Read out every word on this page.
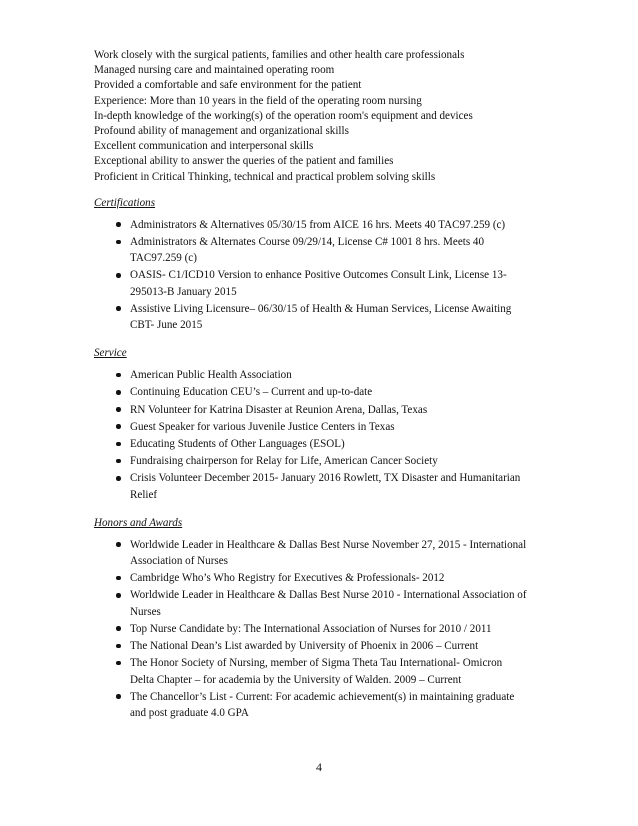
Work closely with the surgical patients, families and other health care professionals
Managed nursing care and maintained operating room
Provided a comfortable and safe environment for the patient
Experience: More than 10 years in the field of the operating room nursing
In-depth knowledge of the working(s) of the operation room's equipment and devices
Profound ability of management and organizational skills
Excellent communication and interpersonal skills
Exceptional ability to answer the queries of the patient and families
Proficient in Critical Thinking, technical and practical problem solving skills
Certifications
Administrators & Alternatives 05/30/15 from AICE 16 hrs. Meets 40 TAC97.259 (c)
Administrators & Alternates Course 09/29/14, License C# 1001 8 hrs. Meets 40
TAC97.259 (c)
OASIS- C1/ICD10 Version to enhance Positive Outcomes Consult Link, License 13-
295013-B January 2015
Assistive Living Licensure– 06/30/15 of Health & Human Services, License Awaiting
CBT- June 2015
Service
American Public Health Association
Continuing Education CEU’s – Current and up-to-date
RN Volunteer for Katrina Disaster at Reunion Arena, Dallas, Texas
Guest Speaker for various Juvenile Justice Centers in Texas
Educating Students of Other Languages (ESOL)
Fundraising chairperson for Relay for Life, American Cancer Society
Crisis Volunteer December 2015- January 2016 Rowlett, TX Disaster and Humanitarian
Relief
Honors and Awards
Worldwide Leader in Healthcare & Dallas Best Nurse November 27, 2015 - International
Association of Nurses
Cambridge Who’s Who Registry for Executives & Professionals- 2012
Worldwide Leader in Healthcare & Dallas Best Nurse 2010 - International Association of
Nurses
Top Nurse Candidate by: The International Association of Nurses for 2010 / 2011
The National Dean’s List awarded by University of Phoenix in 2006 – Current
The Honor Society of Nursing, member of Sigma Theta Tau International- Omicron
Delta Chapter – for academia by the University of Walden. 2009 – Current
The Chancellor’s List - Current: For academic achievement(s) in maintaining graduate
and post graduate 4.0 GPA
4
